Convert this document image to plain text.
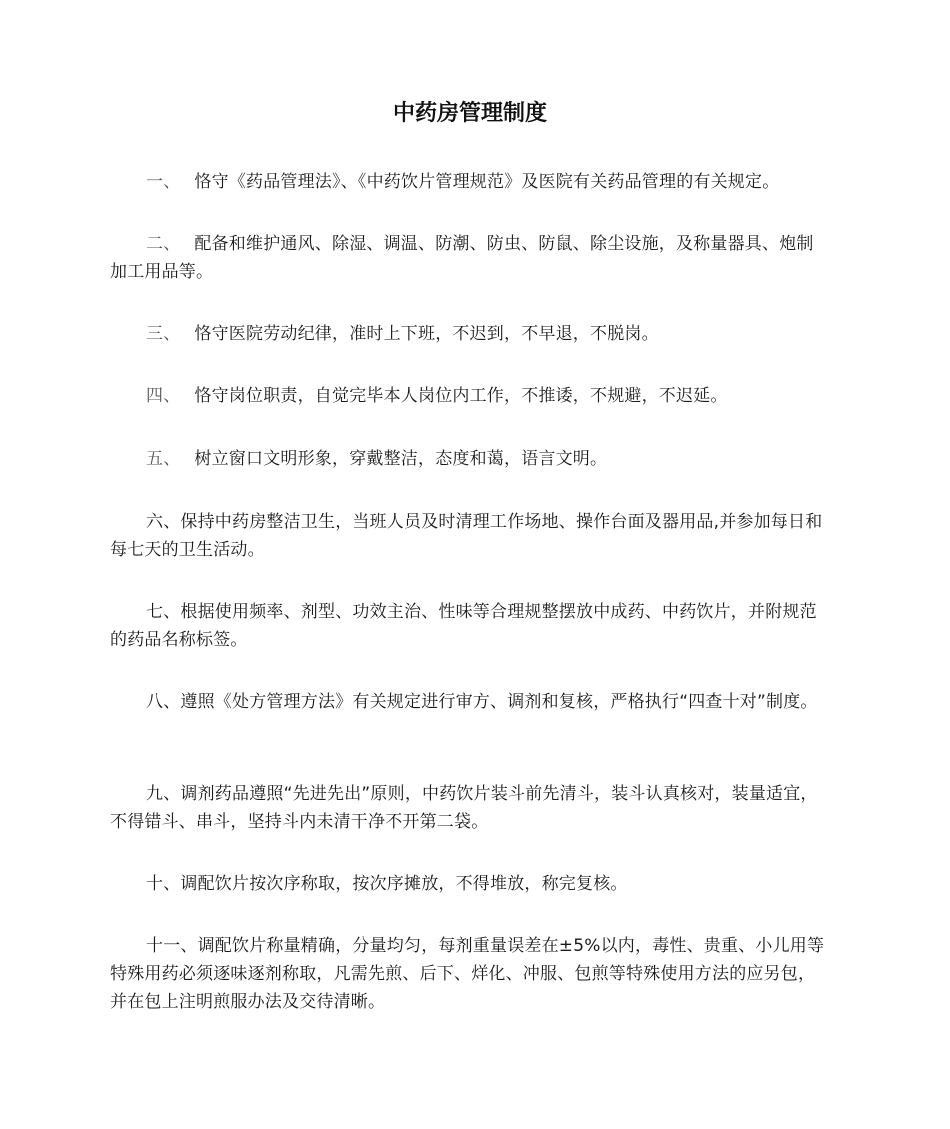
中药房管理制度

一、 恪守《药品管理法》、《中药饮片管理规范》及医院有关药品管理的有关规定。

二、 配备和维护通风、除湿、调温、防潮、防虫、防鼠、除尘设施，及称量器具、炮制加工用品等。

三、 恪守医院劳动纪律，准时上下班，不迟到，不早退，不脱岗。

四、 恪守岗位职责，自觉完毕本人岗位内工作，不推诿，不规避，不迟延。

五、 树立窗口文明形象，穿戴整洁，态度和蔼，语言文明。

六、保持中药房整洁卫生，当班人员及时清理工作场地、操作台面及器用品,并参加每日和每七天的卫生活动。

七、根据使用频率、剂型、功效主治、性味等合理规整摆放中成药、中药饮片，并附规范的药品名称标签。

八、遵照《处方管理方法》有关规定进行审方、调剂和复核，严格执行“四查十对”制度。

九、调剂药品遵照“先进先出”原则，中药饮片装斗前先清斗，装斗认真核对，装量适宜，不得错斗、串斗，坚持斗内未清干净不开第二袋。

十、调配饮片按次序称取，按次序摊放，不得堆放，称完复核。

十一、调配饮片称量精确，分量均匀，每剂重量误差在±5%以内，毒性、贵重、小儿用等特殊用药必须逐味逐剂称取，凡需先煎、后下、烊化、冲服、包煎等特殊使用方法的应另包，并在包上注明煎服办法及交待清晰。
